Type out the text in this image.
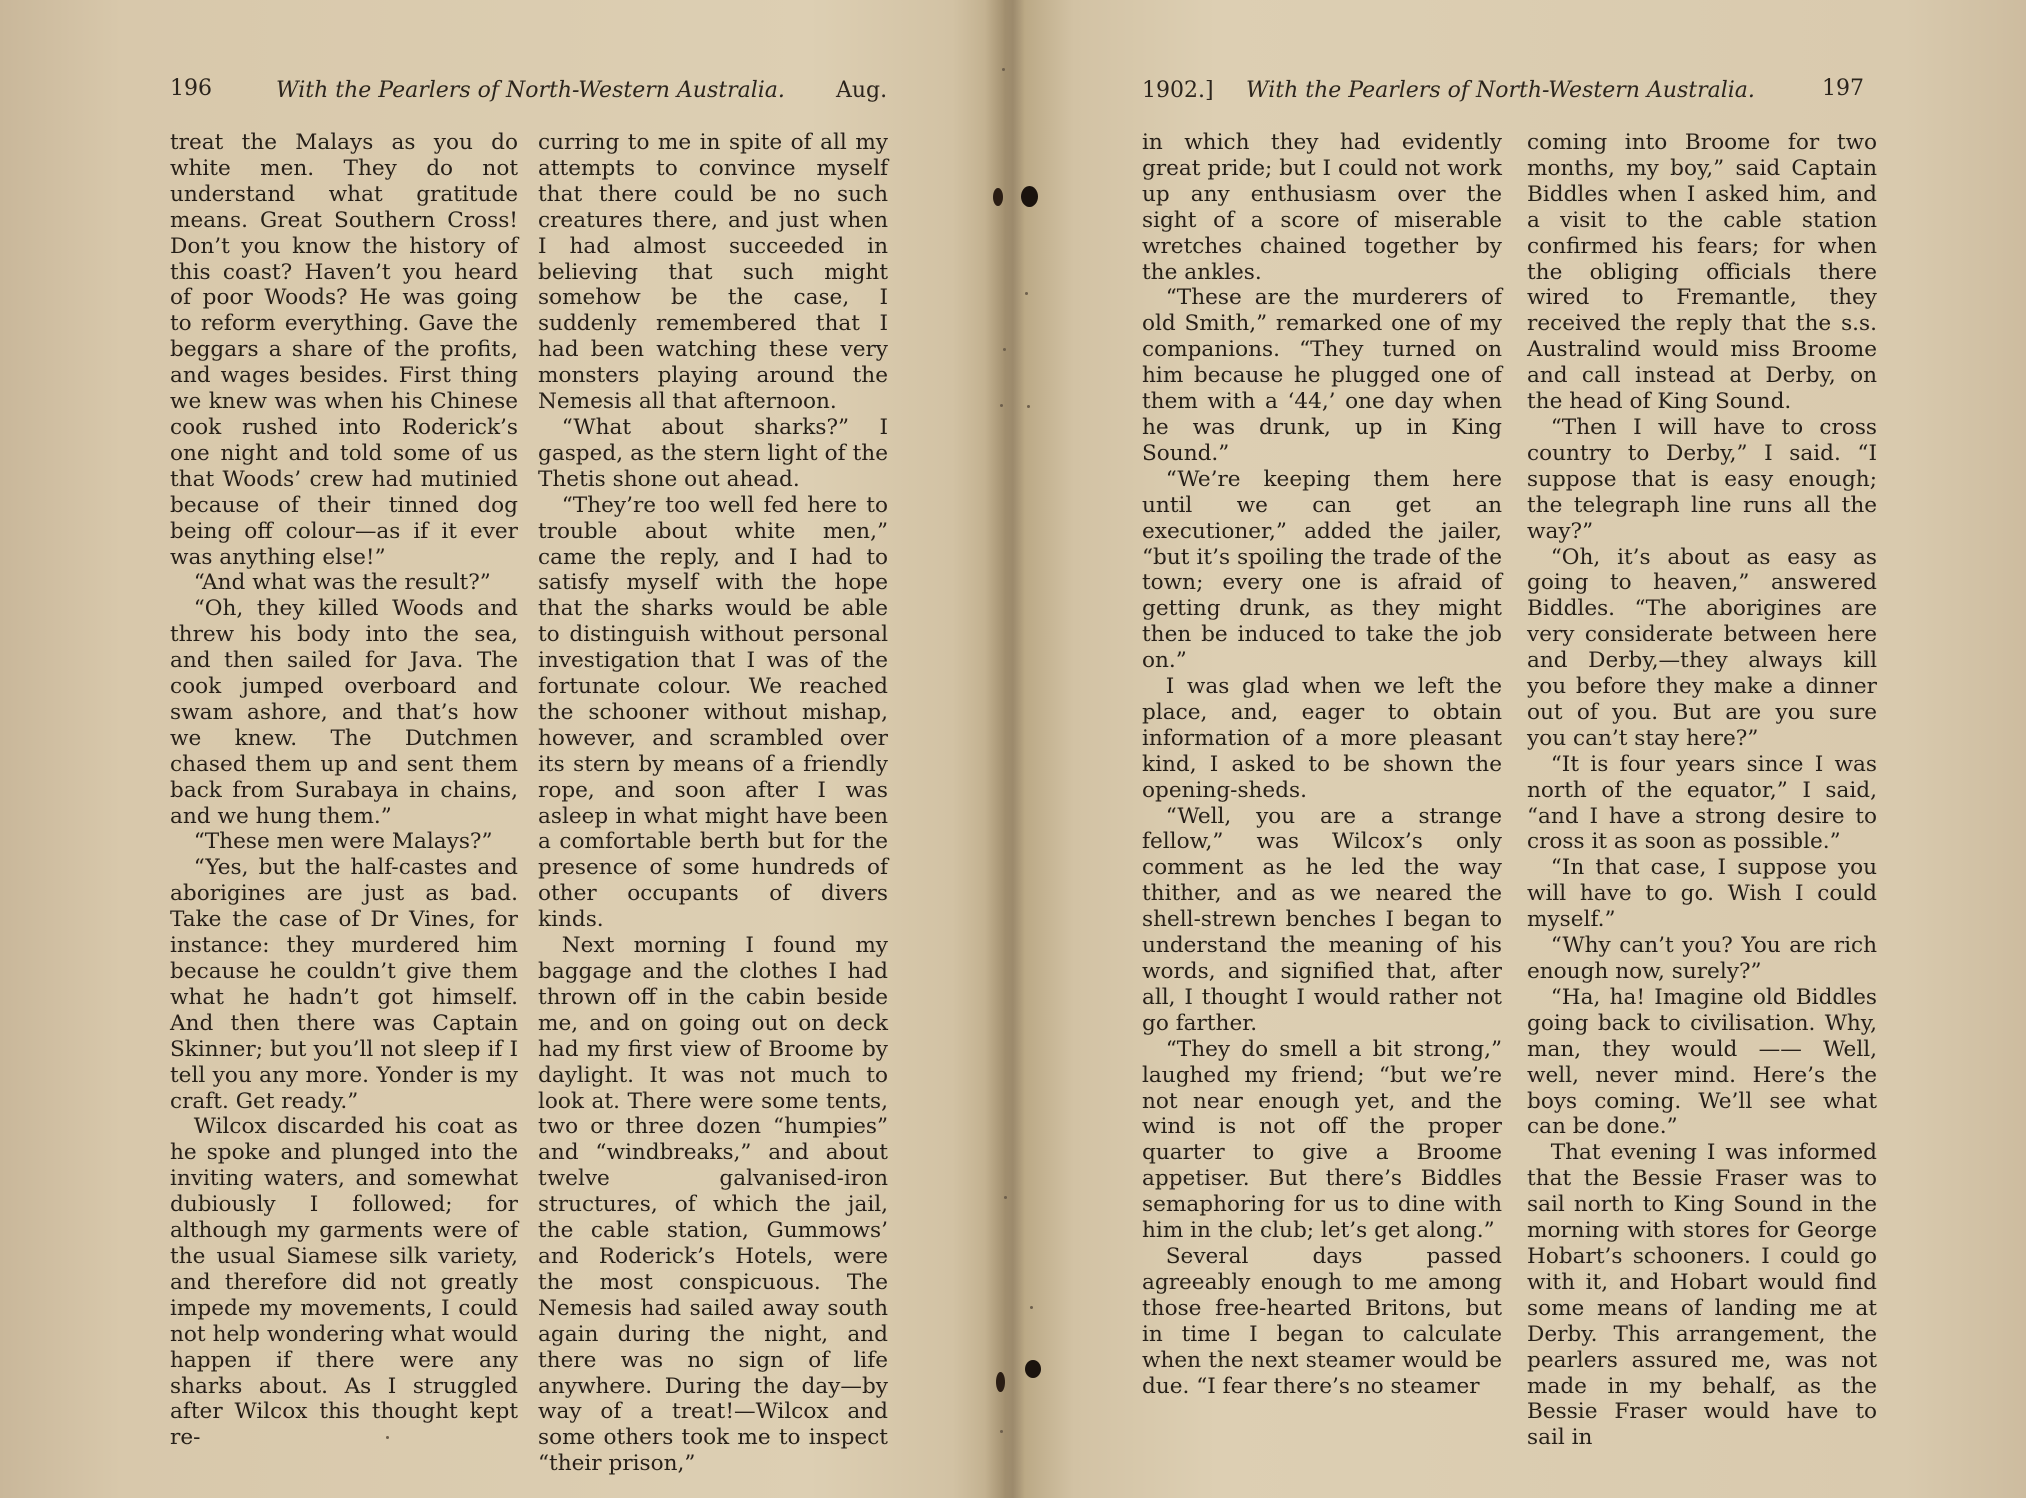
196	With the Pearlers of North-Western Australia. Aug.

treat the Malays as you do white men. They do not understand what gratitude means. Great Southern Cross! Don’t you know the history of this coast? Haven’t you heard of poor Woods? He was going to reform everything. Gave the beggars a share of the profits, and wages besides. First thing we knew was when his Chinese cook rushed into Roderick’s one night and told some of us that Woods’ crew had mutinied because of their tinned dog being off colour—as if it ever was anything else!”

“And what was the result?”

“Oh, they killed Woods and threw his body into the sea, and then sailed for Java. The cook jumped overboard and swam ashore, and that’s how we knew. The Dutchmen chased them up and sent them back from Surabaya in chains, and we hung them.”

“These men were Malays?”

“Yes, but the half-castes and aborigines are just as bad. Take the case of Dr Vines, for instance: they murdered him because he couldn’t give them what he hadn’t got himself. And then there was Captain Skinner; but you’ll not sleep if I tell you any more. Yonder is my craft. Get ready.”

Wilcox discarded his coat as he spoke and plunged into the inviting waters, and somewhat dubiously I followed; for although my garments were of the usual Siamese silk variety, and therefore did not greatly impede my movements, I could not help wondering what would happen if there were any sharks about. As I struggled after Wilcox this thought kept re-

curring to me in spite of all my attempts to convince myself that there could be no such creatures there, and just when I had almost succeeded in believing that such might somehow be the case, I suddenly remembered that I had been watching these very monsters playing around the Nemesis all that afternoon.

“What about sharks?” I gasped, as the stern light of the Thetis shone out ahead.

“They’re too well fed here to trouble about white men,” came the reply, and I had to satisfy myself with the hope that the sharks would be able to distinguish without personal investigation that I was of the fortunate colour. We reached the schooner without mishap, however, and scrambled over its stern by means of a friendly rope, and soon after I was asleep in what might have been a comfortable berth but for the presence of some hundreds of other occupants of divers kinds.

Next morning I found my baggage and the clothes I had thrown off in the cabin beside me, and on going out on deck had my first view of Broome by daylight. It was not much to look at. There were some tents, two or three dozen “humpies” and “windbreaks,” and about twelve galvanised-iron structures, of which the jail, the cable station, Gummows’ and Roderick’s Hotels, were the most conspicuous. The Nemesis had sailed away south again during the night, and there was no sign of life anywhere. During the day—by way of a treat!—Wilcox and some others took me to inspect “their prison,”

1902.] With the Pearlers of North-Western Australia.	197

in which they had evidently great pride; but I could not work up any enthusiasm over the sight of a score of miserable wretches chained together by the ankles.

“These are the murderers of old Smith,” remarked one of my companions. “They turned on him because he plugged one of them with a ‘44,’ one day when he was drunk, up in King Sound.”

“We’re keeping them here until we can get an executioner,” added the jailer, “but it’s spoiling the trade of the town; every one is afraid of getting drunk, as they might then be induced to take the job on.”

I was glad when we left the place, and, eager to obtain information of a more pleasant kind, I asked to be shown the opening-sheds.

“Well, you are a strange fellow,” was Wilcox’s only comment as he led the way thither, and as we neared the shell-strewn benches I began to understand the meaning of his words, and signified that, after all, I thought I would rather not go farther.

“They do smell a bit strong,” laughed my friend; “but we’re not near enough yet, and the wind is not off the proper quarter to give a Broome appetiser. But there’s Biddles semaphoring for us to dine with him in the club; let’s get along.”

Several days passed agreeably enough to me among those free-hearted Britons, but in time I began to calculate when the next steamer would be due. “I fear there’s no steamer

coming into Broome for two months, my boy,” said Captain Biddles when I asked him, and a visit to the cable station confirmed his fears; for when the obliging officials there wired to Fremantle, they received the reply that the s.s. Australind would miss Broome and call instead at Derby, on the head of King Sound.

“Then I will have to cross country to Derby,” I said. “I suppose that is easy enough; the telegraph line runs all the way?”

“Oh, it’s about as easy as going to heaven,” answered Biddles. “The aborigines are very considerate between here and Derby,—they always kill you before they make a dinner out of you. But are you sure you can’t stay here?”

“It is four years since I was north of the equator,” I said, “and I have a strong desire to cross it as soon as possible.”

“In that case, I suppose you will have to go. Wish I could myself.”

“Why can’t you? You are rich enough now, surely?”

“Ha, ha! Imagine old Biddles going back to civilisation. Why, man, they would —— Well, well, never mind. Here’s the boys coming. We’ll see what can be done.”

That evening I was informed that the Bessie Fraser was to sail north to King Sound in the morning with stores for George Hobart’s schooners. I could go with it, and Hobart would find some means of landing me at Derby. This arrangement, the pearlers assured me, was not made in my behalf, as the Bessie Fraser would have to sail in
